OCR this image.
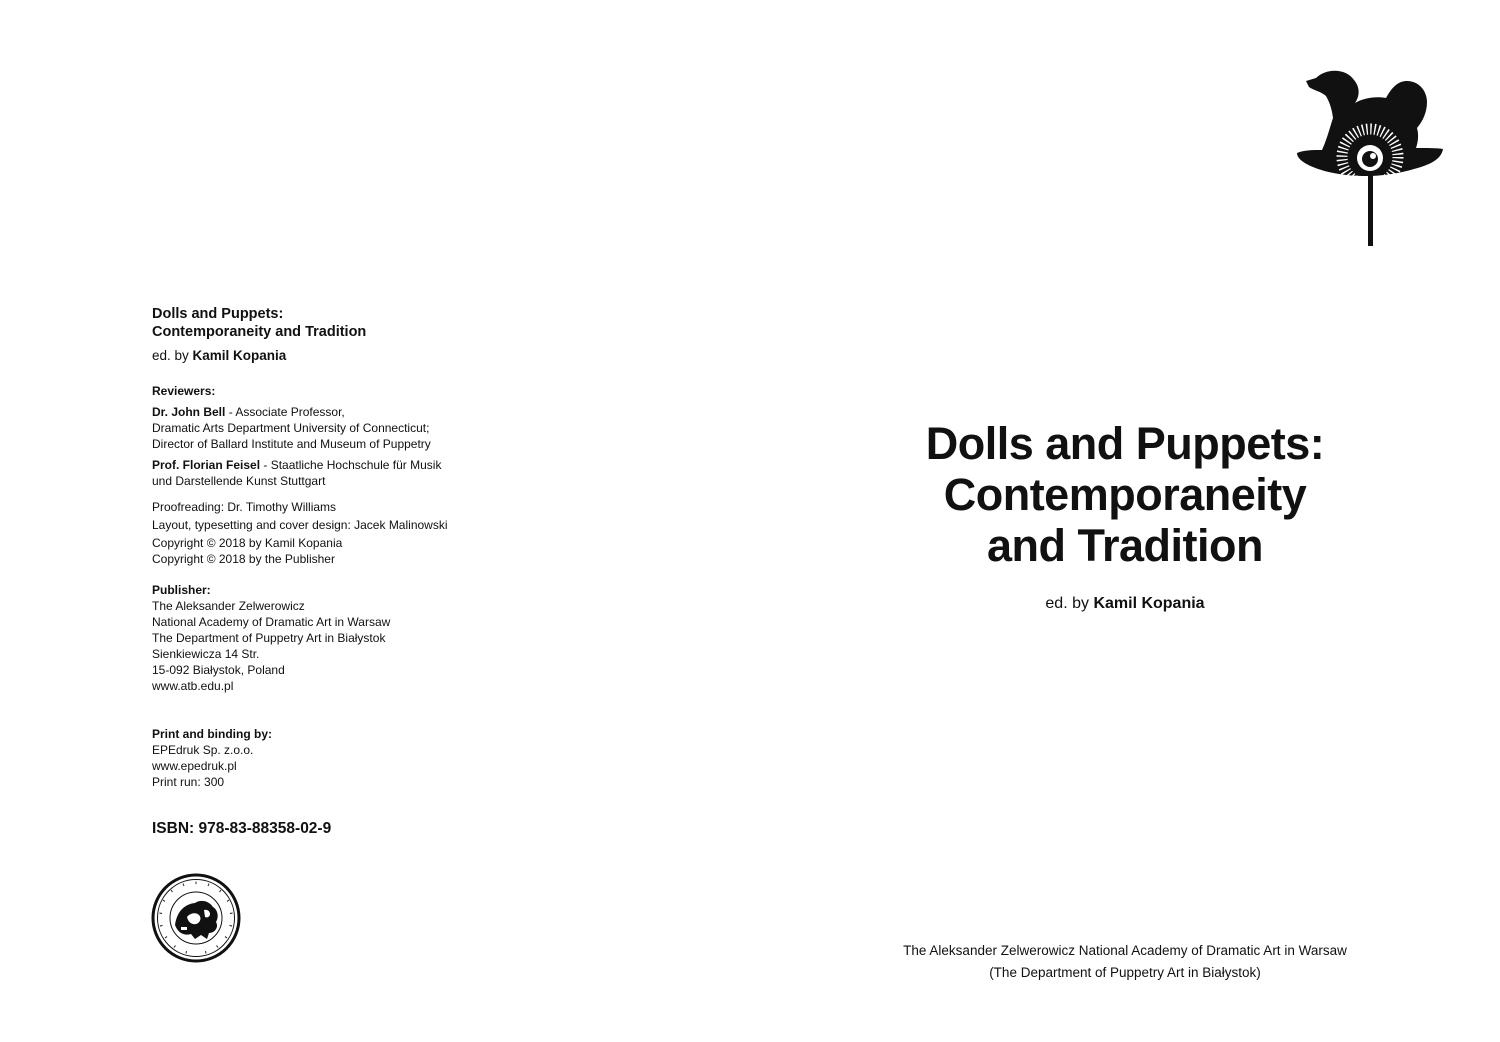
Dolls and Puppets:
Contemporaneity and Tradition
ed. by Kamil Kopania
Reviewers:
Dr. John Bell - Associate Professor,
Dramatic Arts Department University of Connecticut;
Director of Ballard Institute and Museum of Puppetry
Prof. Florian Feisel - Staatliche Hochschule für Musik
und Darstellende Kunst Stuttgart
Proofreading: Dr. Timothy Williams
Layout, typesetting and cover design: Jacek Malinowski
Copyright © 2018 by Kamil Kopania
Copyright © 2018 by the Publisher
Publisher:
The Aleksander Zelwerowicz
National Academy of Dramatic Art in Warsaw
The Department of Puppetry Art in Białystok
Sienkiewicza 14 Str.
15-092 Białystok, Poland
www.atb.edu.pl
Print and binding by:
EPEdruk Sp. z.o.o.
www.epedruk.pl
Print run: 300
ISBN: 978-83-88358-02-9
Dolls and Puppets:
Contemporaneity
and Tradition
ed. by Kamil Kopania
The Aleksander Zelwerowicz National Academy of Dramatic Art in Warsaw
(The Department of Puppetry Art in Białystok)
